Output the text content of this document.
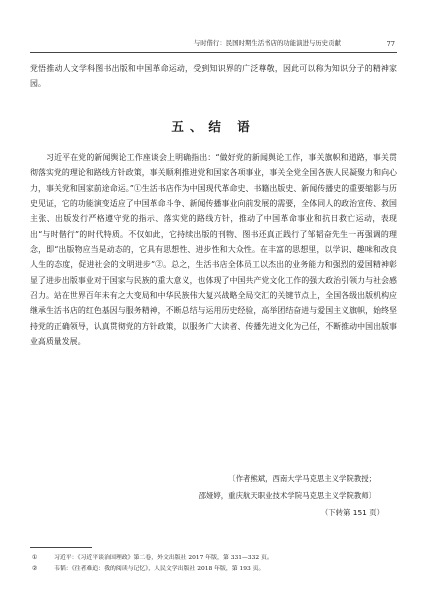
与时偕行：民国时期生活书店的功能演进与历史贡献	77

党悟推动人文学科图书出版和中国革命运动，受到知识界的广泛尊敬，因此可以称为知识分子的精神家园。

五、结 语

习近平在党的新闻舆论工作座谈会上明确指出：“做好党的新闻舆论工作，事关旗帜和道路，事关贯彻落实党的理论和路线方针政策，事关顺利推进党和国家各项事业，事关全党全国各族人民凝聚力和向心力，事关党和国家前途命运。”①生活书店作为中国现代革命史、书籍出版史、新闻传播史的重要缩影与历史见证，它的功能演变适应了中国革命斗争、新闻传播事业向前发展的需要，全体同人的政治宣传、救国主张、出版发行严格遵守党的指示、落实党的路线方针，推动了中国革命事业和抗日救亡运动，表现出“与时偕行”的时代特质。不仅如此，它持续出版的刊物、图书还真正践行了邹韬奋先生一再强调的理念，即“出版物应当是动态的，它具有思想性、进步性和大众性。在丰富的思想里，以学识、趣味和改良人生的态度，促进社会的文明进步”②。总之，生活书店全体员工以杰出的业务能力和强烈的爱国精神彰显了进步出版事业对于国家与民族的重大意义，也体现了中国共产党文化工作的强大政治引领力与社会感召力。站在世界百年未有之大变局和中华民族伟大复兴战略全局交汇的关键节点上，全国各级出版机构应继承生活书店的红色基因与服务精神，不断总结与运用历史经验，高举团结奋进与爱国主义旗帜，始终坚持党的正确领导，认真贯彻党的方针政策，以服务广大读者、传播先进文化为己任，不断推动中国出版事业高质量发展。

〔作者熊斌，西南大学马克思主义学院教授；
邵娅婷，重庆航天职业技术学院马克思主义学院教师〕
（下转第 151 页）
①	习近平：《习近平谈治国理政》第二卷，外文出版社 2017 年版，第 331—332 页。
②	韦韬：《往者难追：我的阅读与记忆》，人民文学出版社 2018 年版，第 193 页。
